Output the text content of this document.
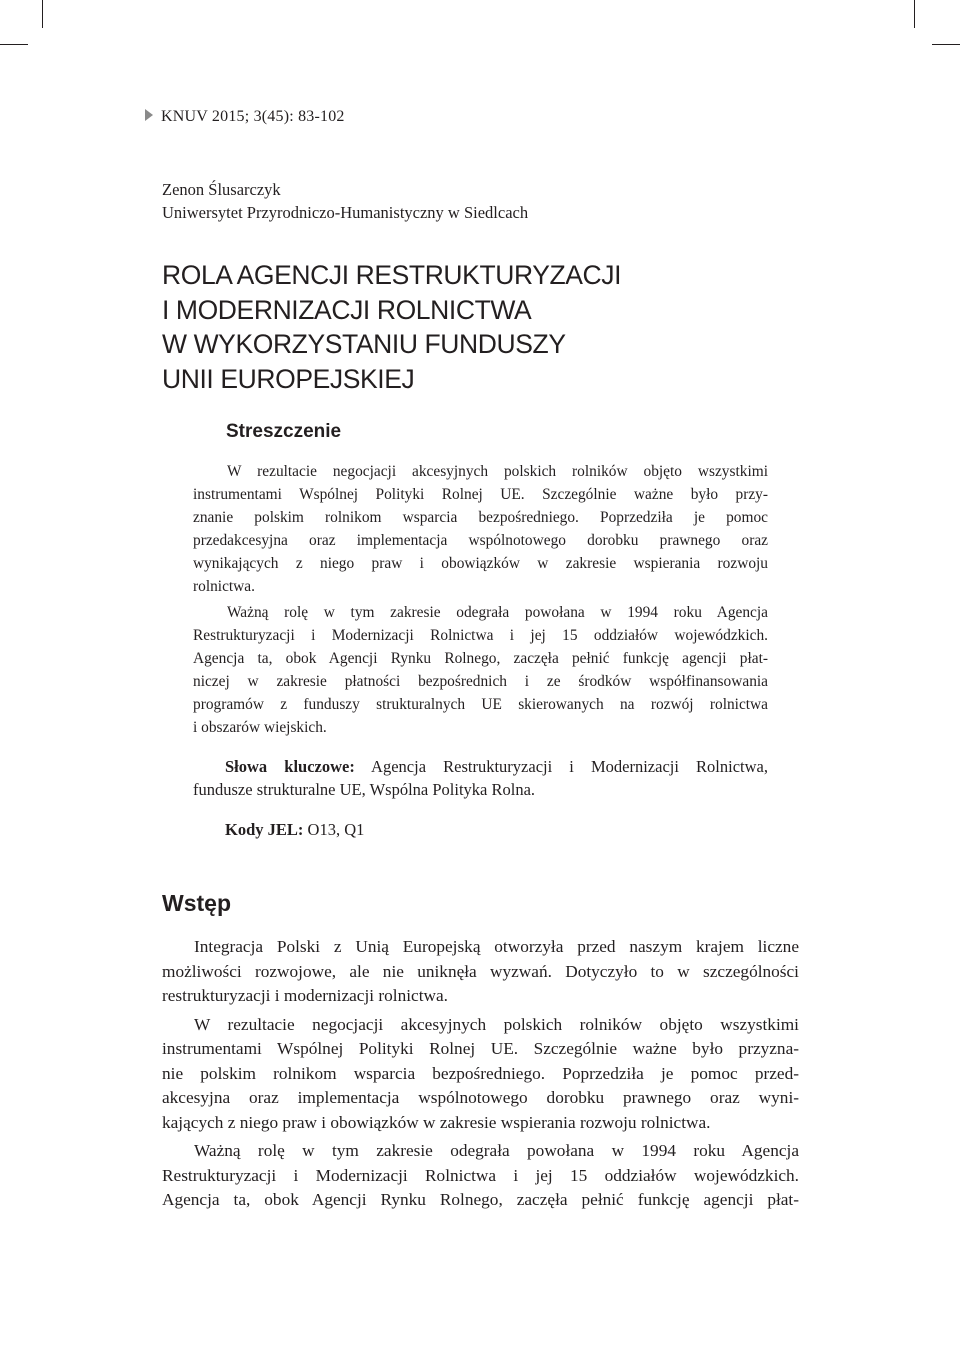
KNUV 2015; 3(45): 83-102
Zenon Ślusarczyk
Uniwersytet Przyrodniczo-Humanistyczny w Siedlcach
ROLA AGENCJI RESTRUKTURYZACJI
I MODERNIZACJI ROLNICTWA
W WYKORZYSTANIU FUNDUSZY
UNII EUROPEJSKIEJ
Streszczenie
W rezultacie negocjacji akcesyjnych polskich rolników objęto wszystkimi
instrumentami Wspólnej Polityki Rolnej UE. Szczególnie ważne było przy-
znanie polskim rolnikom wsparcia bezpośredniego. Poprzedziła je pomoc
przedakcesyjna oraz implementacja wspólnotowego dorobku prawnego oraz
wynikających z niego praw i obowiązków w zakresie wspierania rozwoju
rolnictwa.
Ważną rolę w tym zakresie odegrała powołana w 1994 roku Agencja
Restrukturyzacji i Modernizacji Rolnictwa i jej 15 oddziałów wojewódzkich.
Agencja ta, obok Agencji Rynku Rolnego, zaczęła pełnić funkcję agencji płat-
niczej w zakresie płatności bezpośrednich i ze środków współfinansowania
programów z funduszy strukturalnych UE skierowanych na rozwój rolnictwa
i obszarów wiejskich.
Słowa kluczowe: Agencja Restrukturyzacji i Modernizacji Rolnictwa,
fundusze strukturalne UE, Wspólna Polityka Rolna.
Kody JEL: O13, Q1
Wstęp
Integracja Polski z Unią Europejską otworzyła przed naszym krajem liczne
możliwości rozwojowe, ale nie uniknęła wyzwań. Dotyczyło to w szczególności
restrukturyzacji i modernizacji rolnictwa.
W rezultacie negocjacji akcesyjnych polskich rolników objęto wszystkimi
instrumentami Wspólnej Polityki Rolnej UE. Szczególnie ważne było przyzna-
nie polskim rolnikom wsparcia bezpośredniego. Poprzedziła je pomoc przed-
akcesyjna oraz implementacja wspólnotowego dorobku prawnego oraz wyni-
kających z niego praw i obowiązków w zakresie wspierania rozwoju rolnictwa.
Ważną rolę w tym zakresie odegrała powołana w 1994 roku Agencja
Restrukturyzacji i Modernizacji Rolnictwa i jej 15 oddziałów wojewódzkich.
Agencja ta, obok Agencji Rynku Rolnego, zaczęła pełnić funkcję agencji płat-
